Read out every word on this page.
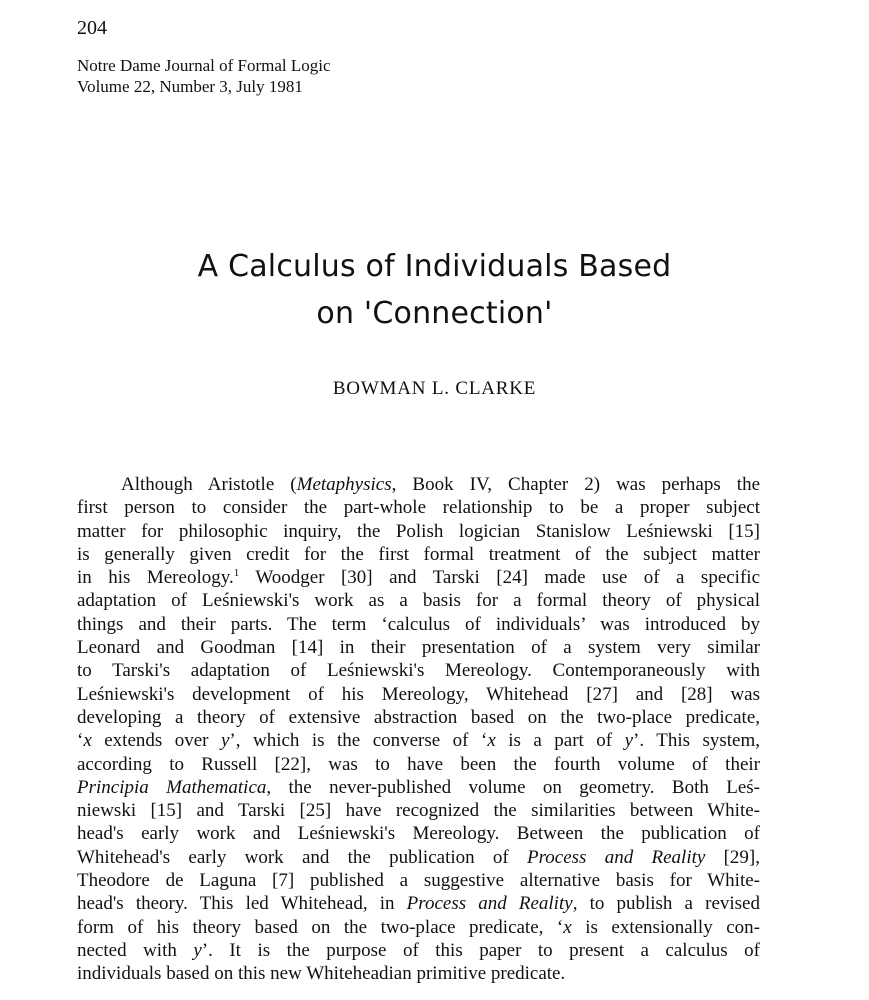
204
Notre Dame Journal of Formal Logic
Volume 22, Number 3, July 1981
A Calculus of Individuals Based
on 'Connection'
BOWMAN L. CLARKE
Although Aristotle (Metaphysics, Book IV, Chapter 2) was perhaps the
first person to consider the part-whole relationship to be a proper subject
matter for philosophic inquiry, the Polish logician Stanislow Leśniewski [15]
is generally given credit for the first formal treatment of the subject matter
in his Mereology.$^1$ Woodger [30] and Tarski [24] made use of a specific
adaptation of Leśniewski's work as a basis for a formal theory of physical
things and their parts. The term ‘calculus of individuals’ was introduced by
Leonard and Goodman [14] in their presentation of a system very similar
to Tarski's adaptation of Leśniewski's Mereology. Contemporaneously with
Leśniewski's development of his Mereology, Whitehead [27] and [28] was
developing a theory of extensive abstraction based on the two-place predicate,
‘x extends over y’, which is the converse of ‘x is a part of y’. This system,
according to Russell [22], was to have been the fourth volume of their
Principia Mathematica, the never-published volume on geometry. Both Leś-
niewski [15] and Tarski [25] have recognized the similarities between White-
head's early work and Leśniewski's Mereology. Between the publication of
Whitehead's early work and the publication of Process and Reality [29],
Theodore de Laguna [7] published a suggestive alternative basis for White-
head's theory. This led Whitehead, in Process and Reality, to publish a revised
form of his theory based on the two-place predicate, ‘x is extensionally con-
nected with y’. It is the purpose of this paper to present a calculus of
individuals based on this new Whiteheadian primitive predicate.
